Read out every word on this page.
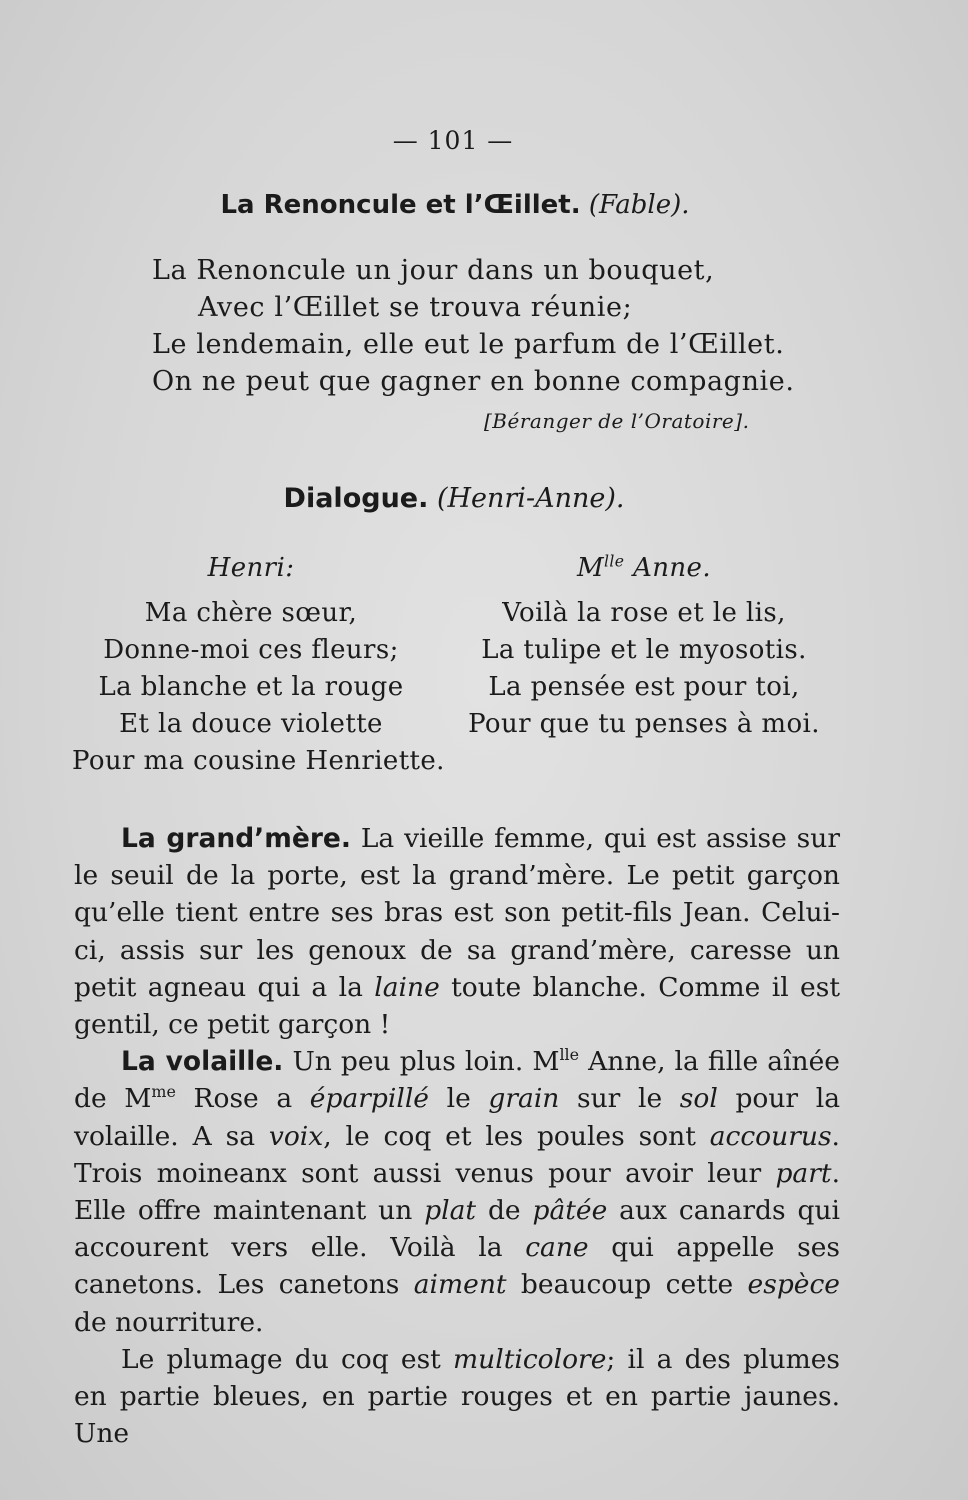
— 101 —
La Renoncule et l’Œillet. (Fable).
La Renoncule un jour dans un bouquet,
Avec l’Œillet se trouva réunie;
Le lendemain, elle eut le parfum de l’Œillet.
On ne peut que gagner en bonne compagnie.
[Béranger de l’Oratoire].
Dialogue. (Henri-Anne).
Henri:
Ma chère sœur,
Donne-moi ces fleurs;
La blanche et la rouge
Et la douce violette
Pour ma cousine Henriette.
$M^{lle}$ Anne.
Voilà la rose et le lis,
La tulipe et le myosotis.
La pensée est pour toi,
Pour que tu penses à moi.

La grand’mère. La vieille femme, qui est assise sur le seuil de la porte, est la grand’mère. Le petit garçon qu’elle tient entre ses bras est son petit-fils Jean. Celui-ci, assis sur les genoux de sa grand’mère, caresse un petit agneau qui a la laine toute blanche. Comme il est gentil, ce petit garçon !

La volaille. Un peu plus loin. $M^{lle}$ Anne, la fille aînée de $M^{me}$ Rose a éparpillé le grain sur le sol pour la volaille. A sa voix, le coq et les poules sont accourus. Trois moineanx sont aussi venus pour avoir leur part. Elle offre maintenant un plat de pâtée aux canards qui accourent vers elle. Voilà la cane qui appelle ses canetons. Les canetons aiment beaucoup cette espèce de nourriture.

Le plumage du coq est multicolore; il a des plumes en partie bleues, en partie rouges et en partie jaunes. Une
